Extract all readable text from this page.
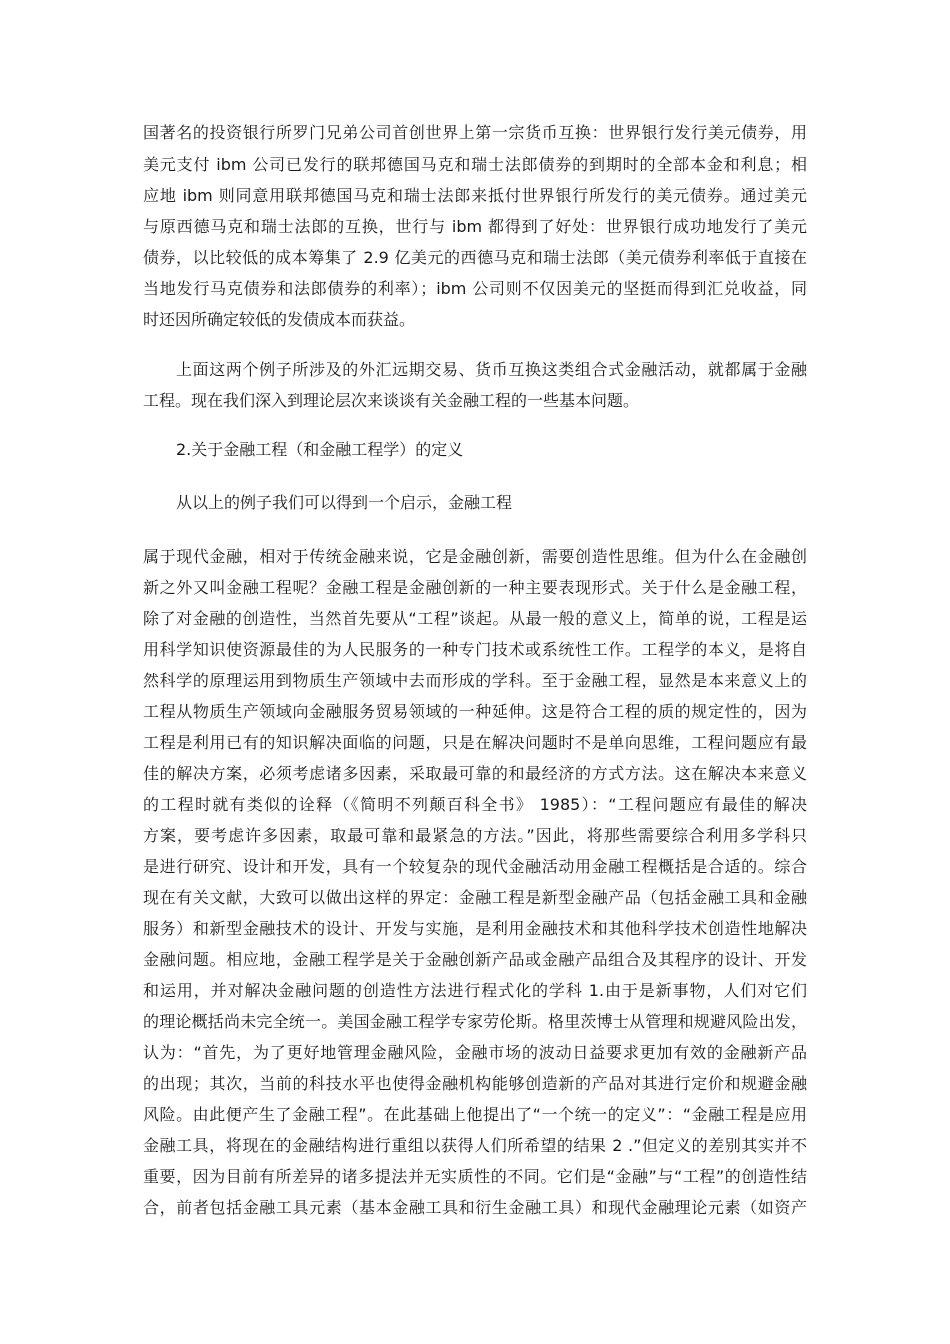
国著名的投资银行所罗门兄弟公司首创世界上第一宗货币互换：世界银行发行美元债券，用

美元支付 ibm 公司已发行的联邦德国马克和瑞士法郎债券的到期时的全部本金和利息；相

应地 ibm 则同意用联邦德国马克和瑞士法郎来抵付世界银行所发行的美元债券。通过美元

与原西德马克和瑞士法郎的互换，世行与 ibm 都得到了好处：世界银行成功地发行了美元

债券，以比较低的成本筹集了 2.9 亿美元的西德马克和瑞士法郎（美元债券利率低于直接在

当地发行马克债券和法郎债券的利率）；ibm 公司则不仅因美元的坚挺而得到汇兑收益，同

时还因所确定较低的发债成本而获益。

上面这两个例子所涉及的外汇远期交易、货币互换这类组合式金融活动，就都属于金融

工程。现在我们深入到理论层次来谈谈有关金融工程的一些基本问题。

2.关于金融工程（和金融工程学）的定义

从以上的例子我们可以得到一个启示，金融工程

属于现代金融，相对于传统金融来说，它是金融创新，需要创造性思维。但为什么在金融创

新之外又叫金融工程呢？金融工程是金融创新的一种主要表现形式。关于什么是金融工程，

除了对金融的创造性，当然首先要从“工程”谈起。从最一般的意义上，简单的说，工程是运

用科学知识使资源最佳的为人民服务的一种专门技术或系统性工作。工程学的本义，是将自

然科学的原理运用到物质生产领域中去而形成的学科。至于金融工程，显然是本来意义上的

工程从物质生产领域向金融服务贸易领域的一种延伸。这是符合工程的质的规定性的，因为

工程是利用已有的知识解决面临的问题，只是在解决问题时不是单向思维，工程问题应有最

佳的解决方案，必须考虑诸多因素，采取最可靠的和最经济的方式方法。这在解决本来意义

的工程时就有类似的诠释（《简明不列颠百科全书》 1985）：“工程问题应有最佳的解决

方案，要考虑许多因素，取最可靠和最紧急的方法。”因此，将那些需要综合利用多学科只

是进行研究、设计和开发，具有一个较复杂的现代金融活动用金融工程概括是合适的。综合

现在有关文献，大致可以做出这样的界定：金融工程是新型金融产品（包括金融工具和金融

服务）和新型金融技术的设计、开发与实施，是利用金融技术和其他科学技术创造性地解决

金融问题。相应地，金融工程学是关于金融创新产品或金融产品组合及其程序的设计、开发

和运用，并对解决金融问题的创造性方法进行程式化的学科 1.由于是新事物，人们对它们

的理论概括尚未完全统一。美国金融工程学专家劳伦斯。格里茨博士从管理和规避风险出发，

认为：“首先，为了更好地管理金融风险，金融市场的波动日益要求更加有效的金融新产品

的出现；其次，当前的科技水平也使得金融机构能够创造新的产品对其进行定价和规避金融

风险。由此便产生了金融工程”。在此基础上他提出了“一个统一的定义”：“金融工程是应用

金融工具，将现在的金融结构进行重组以获得人们所希望的结果 2 .”但定义的差别其实并不

重要，因为目前有所差异的诸多提法并无实质性的不同。它们是“金融”与“工程”的创造性结

合，前者包括金融工具元素（基本金融工具和衍生金融工具）和现代金融理论元素（如资产
